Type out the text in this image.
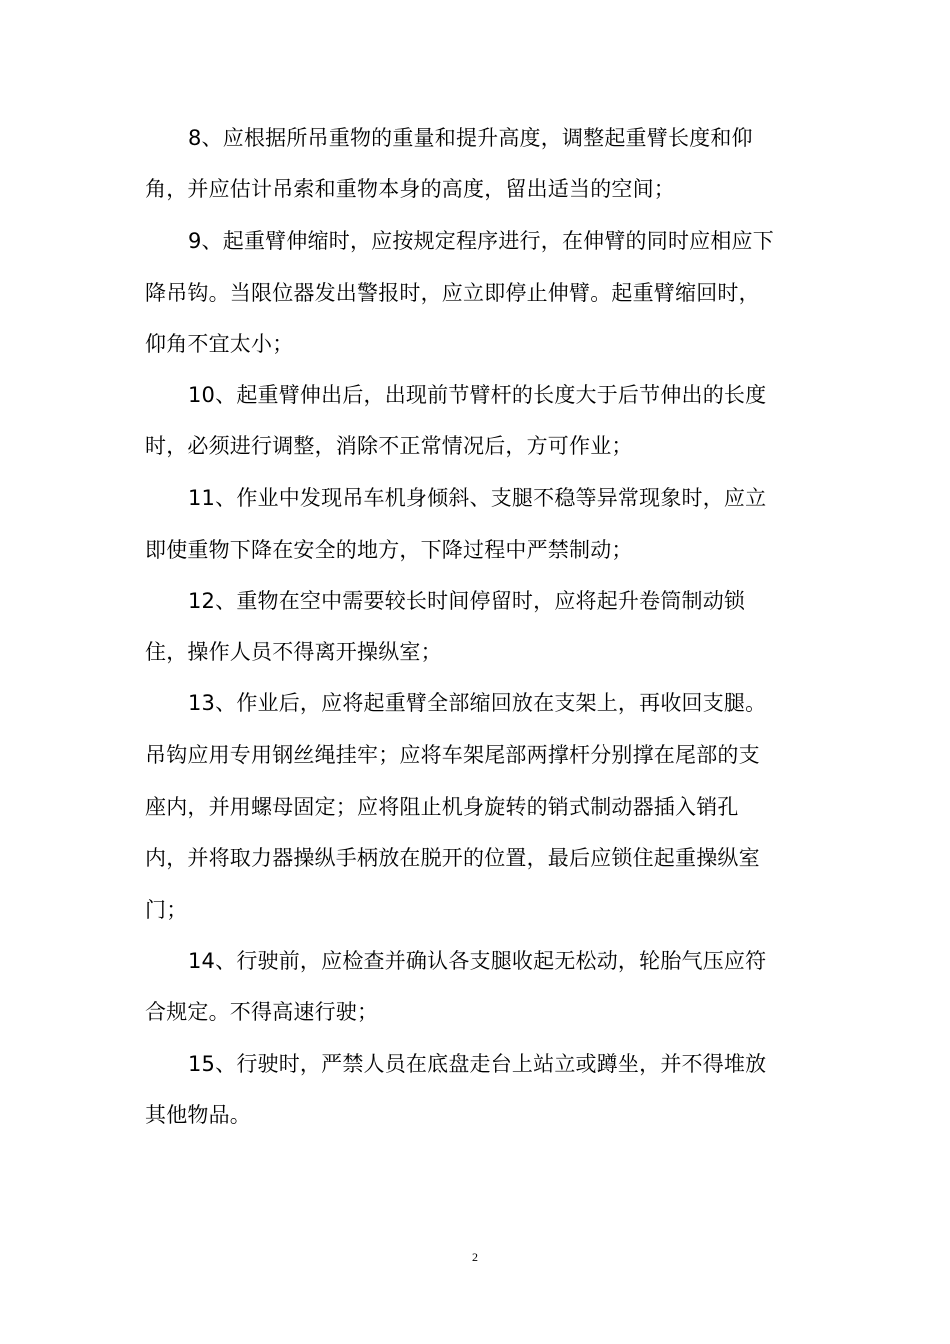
8、应根据所吊重物的重量和提升高度，调整起重臂长度和仰
角，并应估计吊索和重物本身的高度，留出适当的空间；
9、起重臂伸缩时，应按规定程序进行，在伸臂的同时应相应下
降吊钩。当限位器发出警报时，应立即停止伸臂。起重臂缩回时，
仰角不宜太小；
10、起重臂伸出后，出现前节臂杆的长度大于后节伸出的长度
时，必须进行调整，消除不正常情况后，方可作业；
11、作业中发现吊车机身倾斜、支腿不稳等异常现象时，应立
即使重物下降在安全的地方，下降过程中严禁制动；
12、重物在空中需要较长时间停留时，应将起升卷筒制动锁
住，操作人员不得离开操纵室；
13、作业后，应将起重臂全部缩回放在支架上，再收回支腿。
吊钩应用专用钢丝绳挂牢；应将车架尾部两撑杆分别撑在尾部的支
座内，并用螺母固定；应将阻止机身旋转的销式制动器插入销孔
内，并将取力器操纵手柄放在脱开的位置，最后应锁住起重操纵室
门；
14、行驶前，应检查并确认各支腿收起无松动，轮胎气压应符
合规定。不得高速行驶；
15、行驶时，严禁人员在底盘走台上站立或蹲坐，并不得堆放
其他物品。
2
